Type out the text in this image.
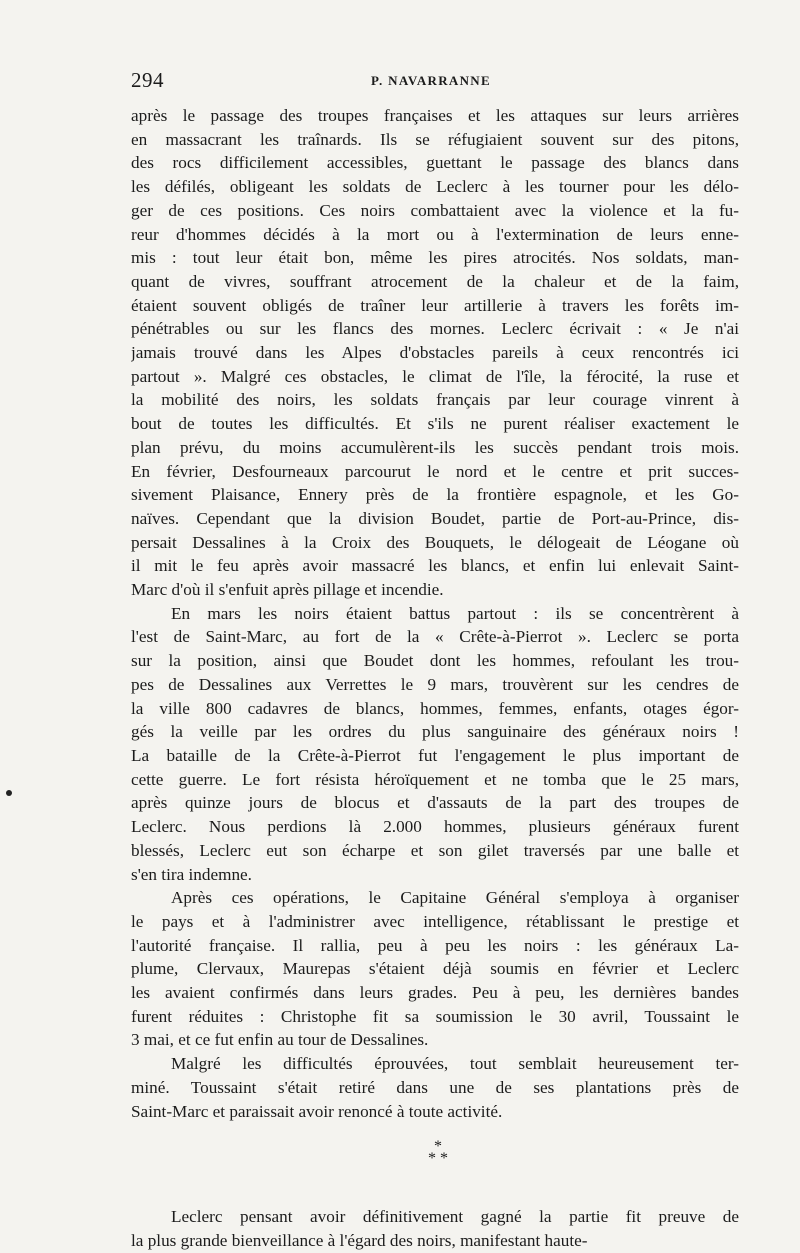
294	P. NAVARRANNE
après le passage des troupes françaises et les attaques sur leurs arrières
en massacrant les traînards. Ils se réfugiaient souvent sur des pitons,
des rocs difficilement accessibles, guettant le passage des blancs dans
les défilés, obligeant les soldats de Leclerc à les tourner pour les délo-
ger de ces positions. Ces noirs combattaient avec la violence et la fu-
reur d'hommes décidés à la mort ou à l'extermination de leurs enne-
mis : tout leur était bon, même les pires atrocités. Nos soldats, man-
quant de vivres, souffrant atrocement de la chaleur et de la faim,
étaient souvent obligés de traîner leur artillerie à travers les forêts im-
pénétrables ou sur les flancs des mornes. Leclerc écrivait : « Je n'ai
jamais trouvé dans les Alpes d'obstacles pareils à ceux rencontrés ici
partout ». Malgré ces obstacles, le climat de l'île, la férocité, la ruse et
la mobilité des noirs, les soldats français par leur courage vinrent à
bout de toutes les difficultés. Et s'ils ne purent réaliser exactement le
plan prévu, du moins accumulèrent-ils les succès pendant trois mois.
En février, Desfourneaux parcourut le nord et le centre et prit succes-
sivement Plaisance, Ennery près de la frontière espagnole, et les Go-
naïves. Cependant que la division Boudet, partie de Port-au-Prince, dis-
persait Dessalines à la Croix des Bouquets, le délogeait de Léogane où
il mit le feu après avoir massacré les blancs, et enfin lui enlevait Saint-
Marc d'où il s'enfuit après pillage et incendie.
En mars les noirs étaient battus partout : ils se concentrèrent à
l'est de Saint-Marc, au fort de la « Crête-à-Pierrot ». Leclerc se porta
sur la position, ainsi que Boudet dont les hommes, refoulant les trou-
pes de Dessalines aux Verrettes le 9 mars, trouvèrent sur les cendres de
la ville 800 cadavres de blancs, hommes, femmes, enfants, otages égor-
gés la veille par les ordres du plus sanguinaire des généraux noirs !
La bataille de la Crête-à-Pierrot fut l'engagement le plus important de
cette guerre. Le fort résista héroïquement et ne tomba que le 25 mars,
après quinze jours de blocus et d'assauts de la part des troupes de
Leclerc. Nous perdions là 2.000 hommes, plusieurs généraux furent
blessés, Leclerc eut son écharpe et son gilet traversés par une balle et
s'en tira indemne.
Après ces opérations, le Capitaine Général s'employa à organiser
le pays et à l'administrer avec intelligence, rétablissant le prestige et
l'autorité française. Il rallia, peu à peu les noirs : les généraux La-
plume, Clervaux, Maurepas s'étaient déjà soumis en février et Leclerc
les avaient confirmés dans leurs grades. Peu à peu, les dernières bandes
furent réduites : Christophe fit sa soumission le 30 avril, Toussaint le
3 mai, et ce fut enfin au tour de Dessalines.
Malgré les difficultés éprouvées, tout semblait heureusement ter-
miné. Toussaint s'était retiré dans une de ses plantations près de
Saint-Marc et paraissait avoir renoncé à toute activité.
*
* *
Leclerc pensant avoir définitivement gagné la partie fit preuve de
la plus grande bienveillance à l'égard des noirs, manifestant haute-
